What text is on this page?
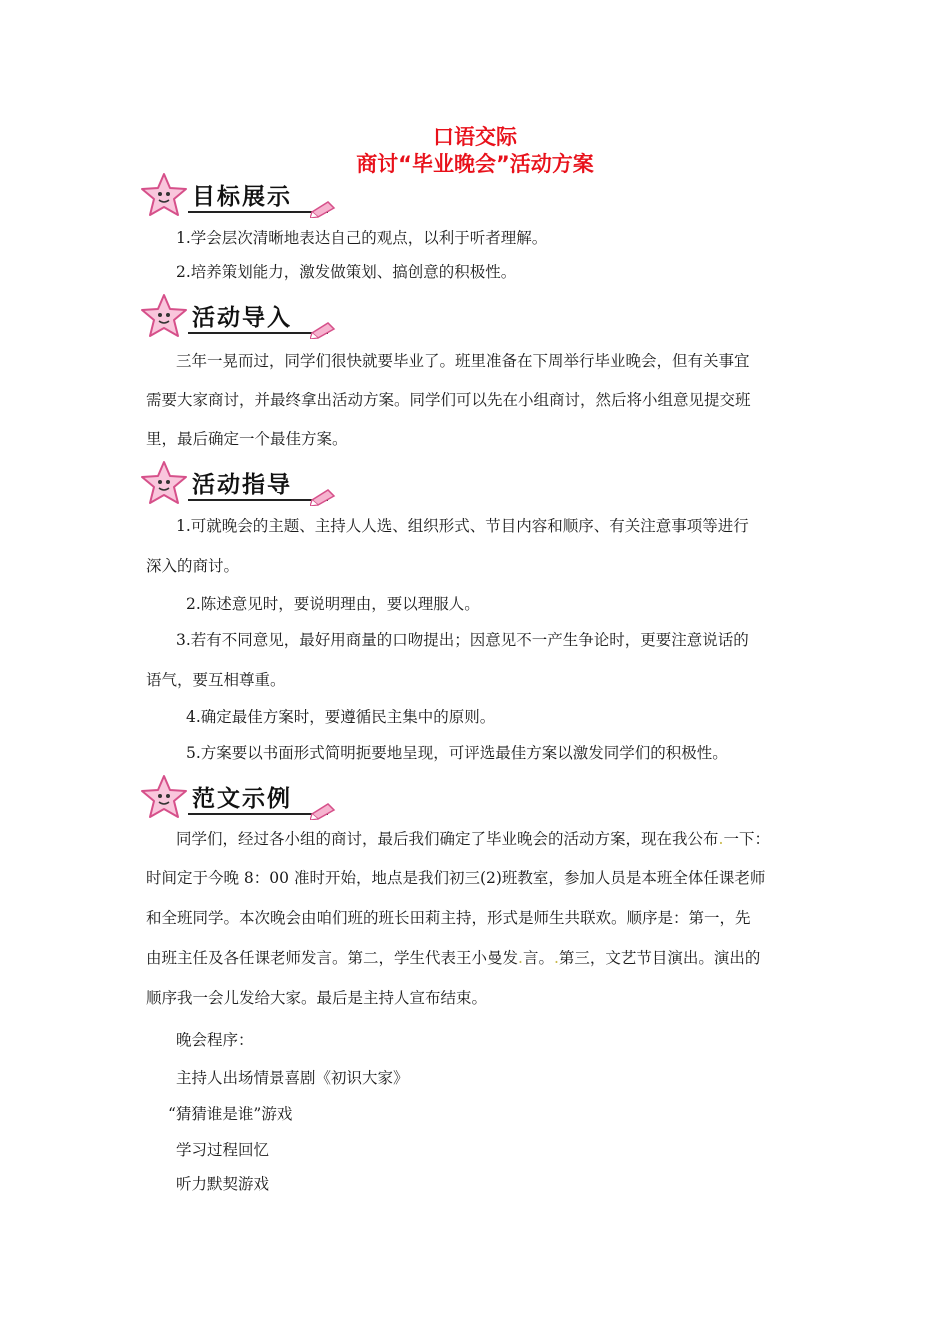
口语交际
商讨“毕业晚会”活动方案
目标展示
1.学会层次清晰地表达自己的观点，以利于听者理解。
2.培养策划能力，激发做策划、搞创意的积极性。
活动导入
三年一晃而过，同学们很快就要毕业了。班里准备在下周举行毕业晚会，但有关事宜
需要大家商讨，并最终拿出活动方案。同学们可以先在小组商讨，然后将小组意见提交班
里，最后确定一个最佳方案。
活动指导
1.可就晚会的主题、主持人人选、组织形式、节目内容和顺序、有关注意事项等进行
深入的商讨。
2.陈述意见时，要说明理由，要以理服人。
3.若有不同意见，最好用商量的口吻提出；因意见不一产生争论时，更要注意说话的
语气，要互相尊重。
4.确定最佳方案时，要遵循民主集中的原则。
5.方案要以书面形式简明扼要地呈现，可评选最佳方案以激发同学们的积极性。
范文示例
同学们，经过各小组的商讨，最后我们确定了毕业晚会的活动方案，现在我公布.一下：
时间定于今晚 8：00 准时开始，地点是我们初三(2)班教室，参加人员是本班全体任课老师
和全班同学。本次晚会由咱们班的班长田莉主持，形式是师生共联欢。顺序是：第一，先
由班主任及各任课老师发言。第二，学生代表王小曼发.言。.第三，文艺节目演出。演出的
顺序我一会儿发给大家。最后是主持人宣布结束。
晚会程序：
主持人出场情景喜剧《初识大家》
“猜猜谁是谁”游戏
学习过程回忆
听力默契游戏
